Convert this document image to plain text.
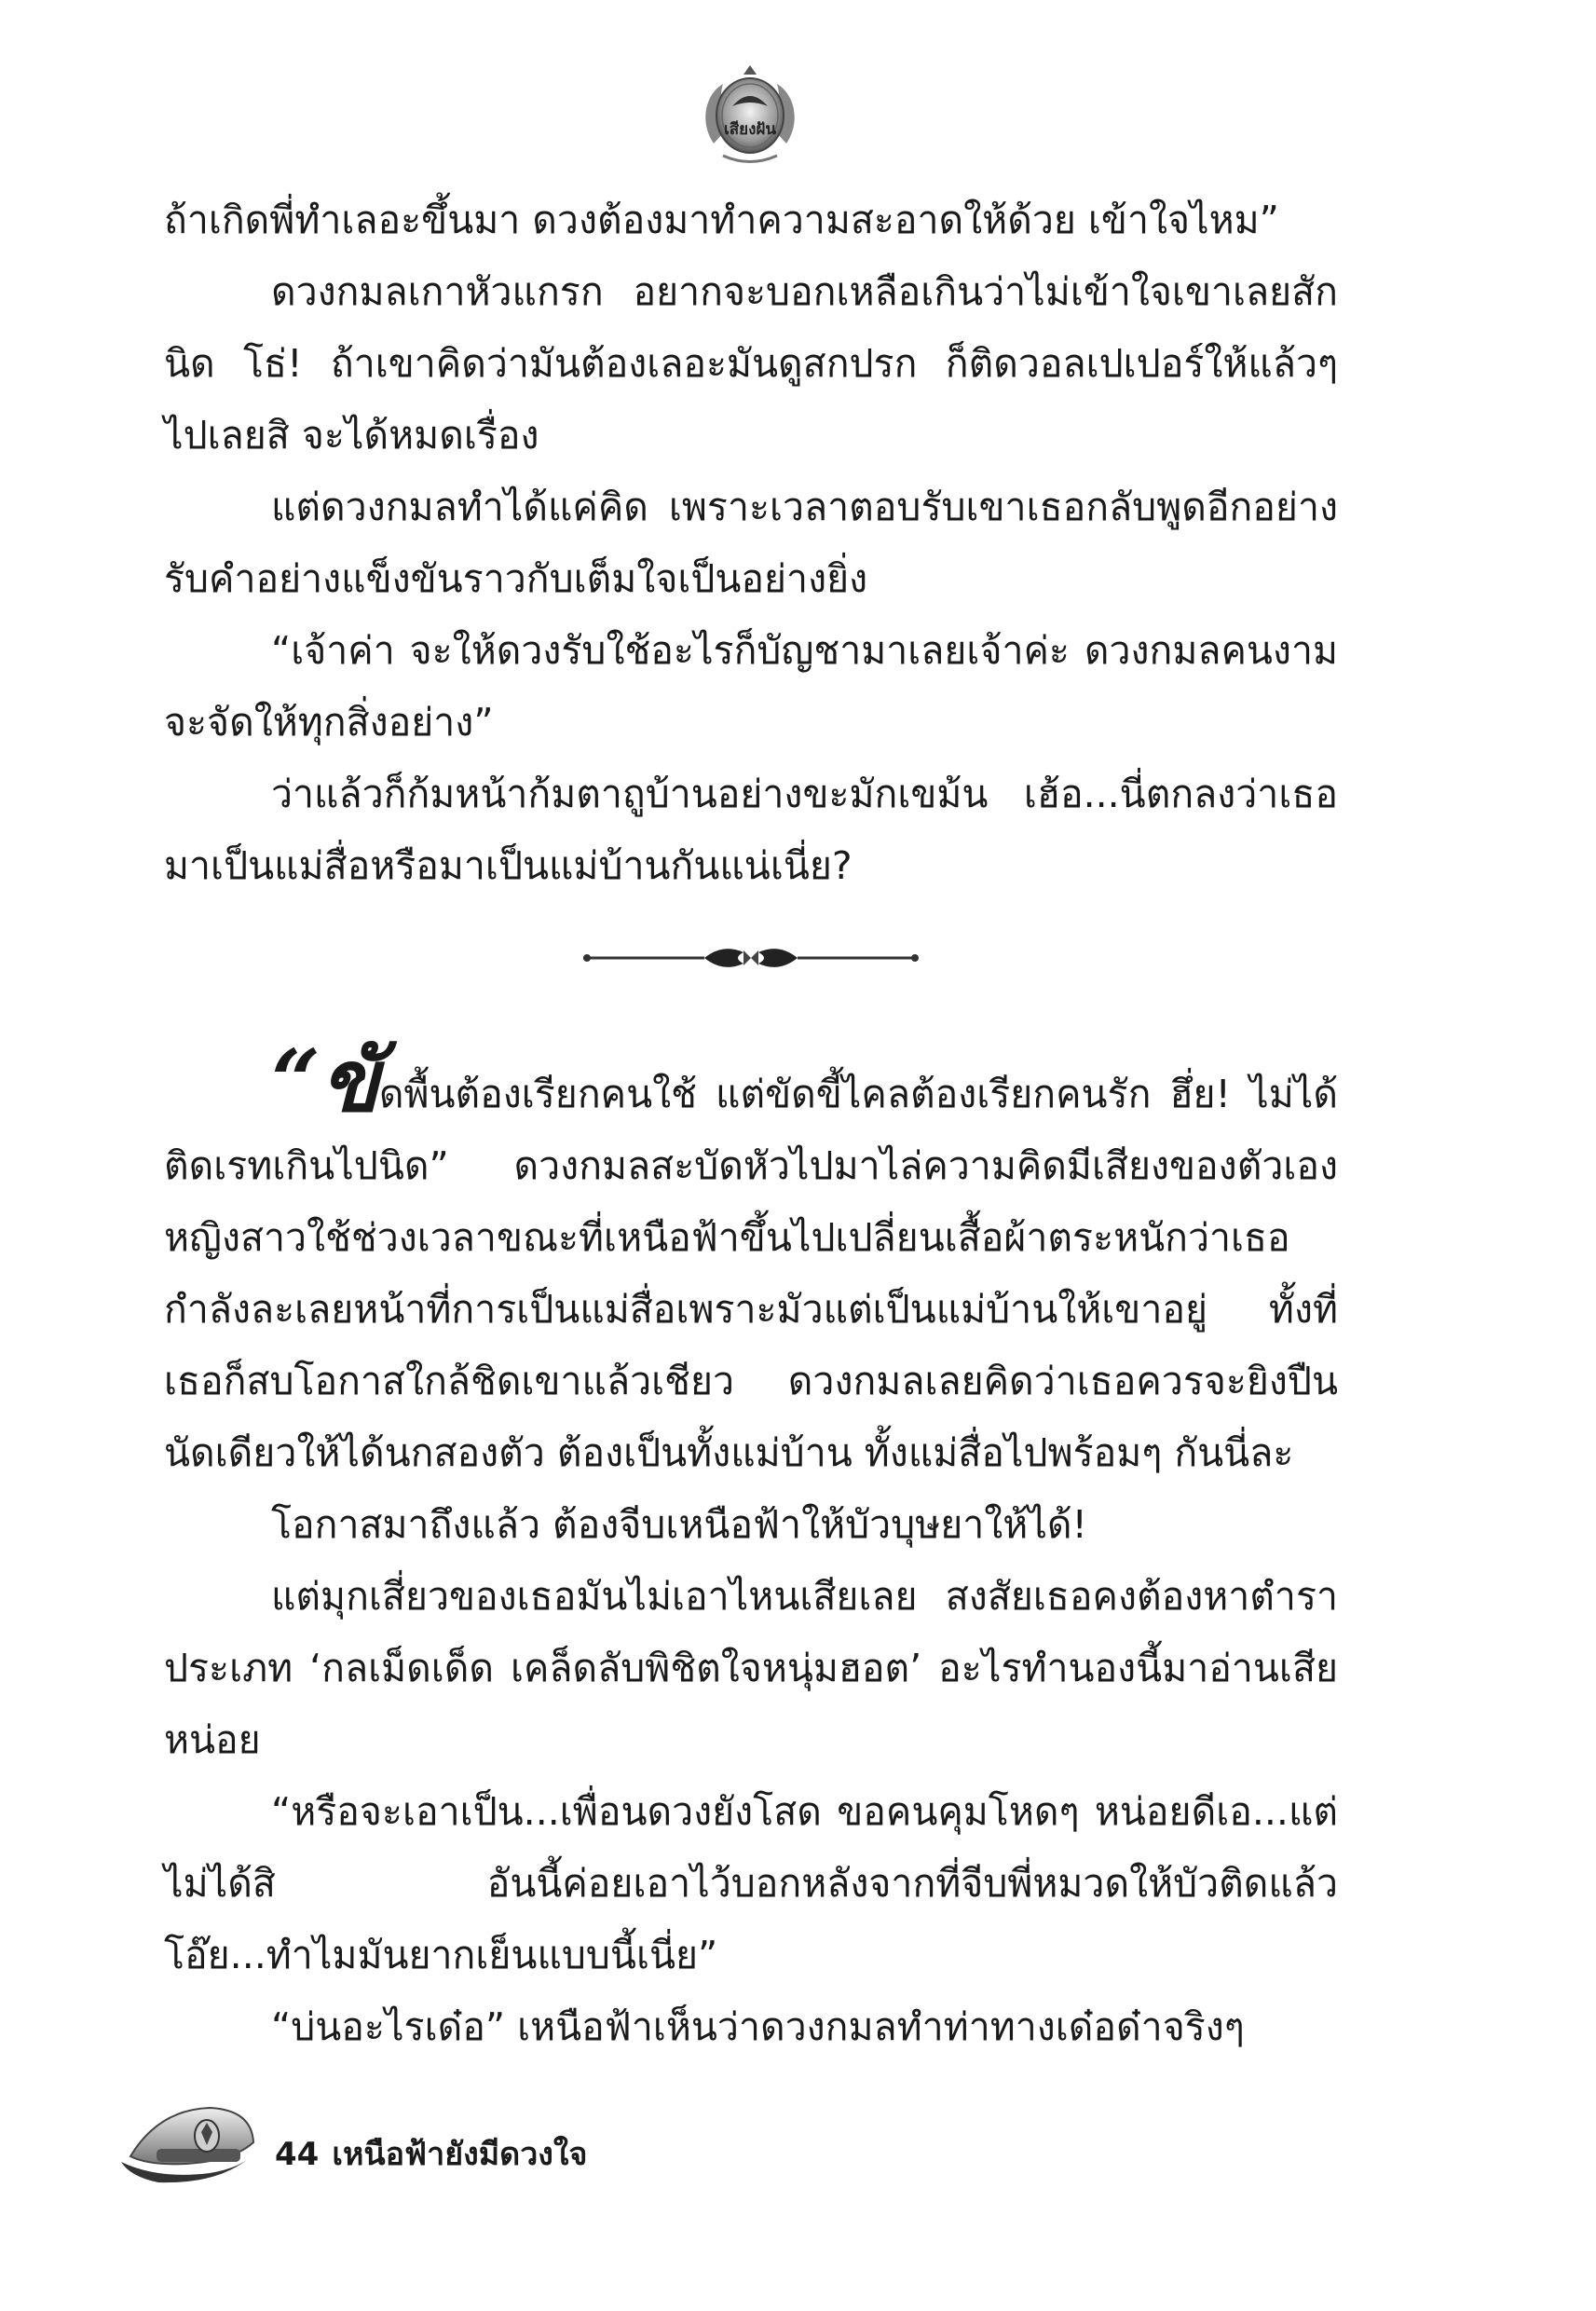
เสียงฝัน

ถ้าเกิดพี่ทำเลอะขึ้นมา ดวงต้องมาทำความสะอาดให้ด้วย เข้าใจไหม”

ดวงกมลเกาหัวแกรก อยากจะบอกเหลือเกินว่าไม่เข้าใจเขาเลยสักนิด โธ่! ถ้าเขาคิดว่ามันต้องเลอะมันดูสกปรก ก็ติดวอลเปเปอร์ให้แล้วๆ ไปเลยสิ จะได้หมดเรื่อง

แต่ดวงกมลทำได้แค่คิด เพราะเวลาตอบรับเขาเธอกลับพูดอีกอย่าง รับคำอย่างแข็งขันราวกับเต็มใจเป็นอย่างยิ่ง

“เจ้าค่า จะให้ดวงรับใช้อะไรก็บัญชามาเลยเจ้าค่ะ ดวงกมลคนงามจะจัดให้ทุกสิ่งอย่าง”

ว่าแล้วก็ก้มหน้าก้มตาถูบ้านอย่างขะมักเขม้น เฮ้อ...นี่ตกลงว่าเธอมาเป็นแม่สื่อหรือมาเป็นแม่บ้านกันแน่เนี่ย?

“ขัดพื้นต้องเรียกคนใช้ แต่ขัดขี้ไคลต้องเรียกคนรัก ฮึ่ย! ไม่ได้ ติดเรทเกินไปนิด” ดวงกมลสะบัดหัวไปมาไล่ความคิดมีเสียงของตัวเอง หญิงสาวใช้ช่วงเวลาขณะที่เหนือฟ้าขึ้นไปเปลี่ยนเสื้อผ้าตระหนักว่าเธอกำลังละเลยหน้าที่การเป็นแม่สื่อเพราะมัวแต่เป็นแม่บ้านให้เขาอยู่ ทั้งที่เธอก็สบโอกาสใกล้ชิดเขาแล้วเชียว ดวงกมลเลยคิดว่าเธอควรจะยิงปืนนัดเดียวให้ได้นกสองตัว ต้องเป็นทั้งแม่บ้าน ทั้งแม่สื่อไปพร้อมๆ กันนี่ละ

โอกาสมาถึงแล้ว ต้องจีบเหนือฟ้าให้บัวบุษยาให้ได้!

แต่มุกเสี่ยวของเธอมันไม่เอาไหนเสียเลย สงสัยเธอคงต้องหาตำราประเภท ‘กลเม็ดเด็ด เคล็ดลับพิชิตใจหนุ่มฮอต’ อะไรทำนองนี้มาอ่านเสียหน่อย

“หรือจะเอาเป็น...เพื่อนดวงยังโสด ขอคนคุมโหดๆ หน่อยดีเอ...แต่ไม่ได้สิ อันนี้ค่อยเอาไว้บอกหลังจากที่จีบพี่หมวดให้บัวติดแล้ว โอ๊ย...ทำไมมันยากเย็นแบบนี้เนี่ย”

“บ่นอะไรเด๋อ” เหนือฟ้าเห็นว่าดวงกมลทำท่าทางเด๋อด๋าจริงๆ

44 เหนือฟ้ายังมีดวงใจ
